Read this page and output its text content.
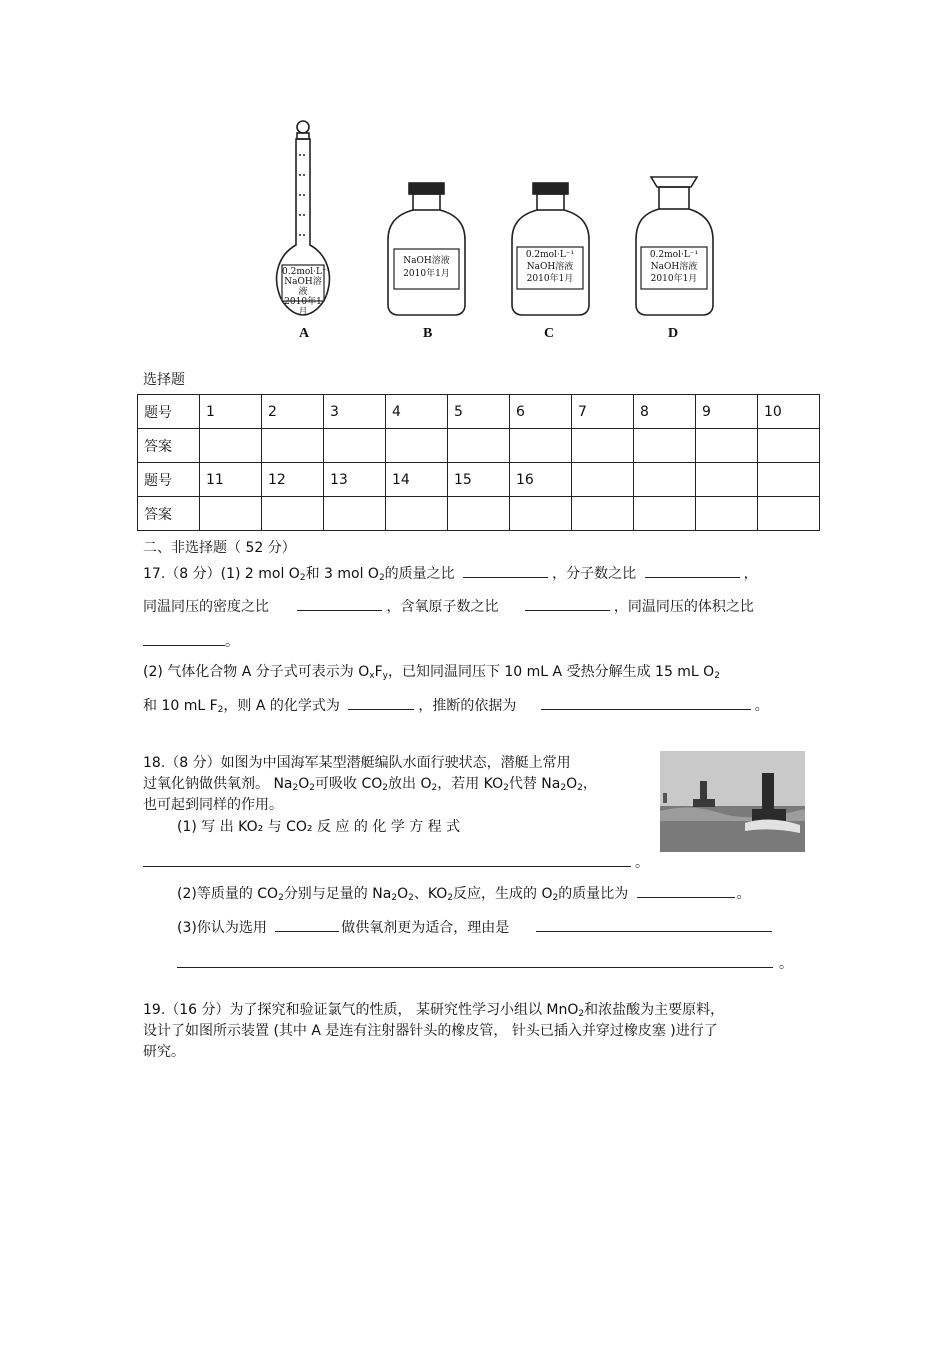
0.2mol·L⁻¹
NaOH溶液
2010年1月
NaOH溶液
2010年1月
0.2mol·L⁻¹
NaOH溶液
2010年1月
0.2mol·L⁻¹
NaOH溶液
2010年1月
A	B	C	D
选择题
题号	1	2	3	4	5	6	7	8	9	10
答案										
题号	11	12	13	14	15	16				
答案										
二、非选择题（ 52 分）
17.（8 分）(1) 2 mol $O_2$和 3 mol $O_2$的质量之比	，分子数之比	，
同温同压的密度之比	，含氧原子数之比	，同温同压的体积之比
。
(2) 气体化合物 A 分子式可表示为 $O_xF_y$，已知同温同压下 10 mL A 受热分解生成 15 mL $O_2$
和 10 mL $F_2$，则 A 的化学式为	，推断的依据为	。
18.（8 分）如图为中国海军某型潜艇编队水面行驶状态，潜艇上常用
过氧化钠做供氧剂。 $Na_2O_2$可吸收 $CO_2$放出 $O_2$，若用 $KO_2$代替 $Na_2O_2$，
也可起到同样的作用。
(1) 写 出 KO₂ 与 CO₂ 反 应 的 化 学 方 程 式
。
(2)等质量的 $CO_2$分别与足量的 $Na_2O_2$、$KO_2$反应，生成的 $O_2$的质量比为	。
(3)你认为选用	做供氧剂更为适合，理由是
。
19.（16 分）为了探究和验证氯气的性质， 某研究性学习小组以 MnO$_2$和浓盐酸为主要原料，
设计了如图所示装置 (其中 A 是连有注射器针头的橡皮管， 针头已插入并穿过橡皮塞 )进行了
研究。
